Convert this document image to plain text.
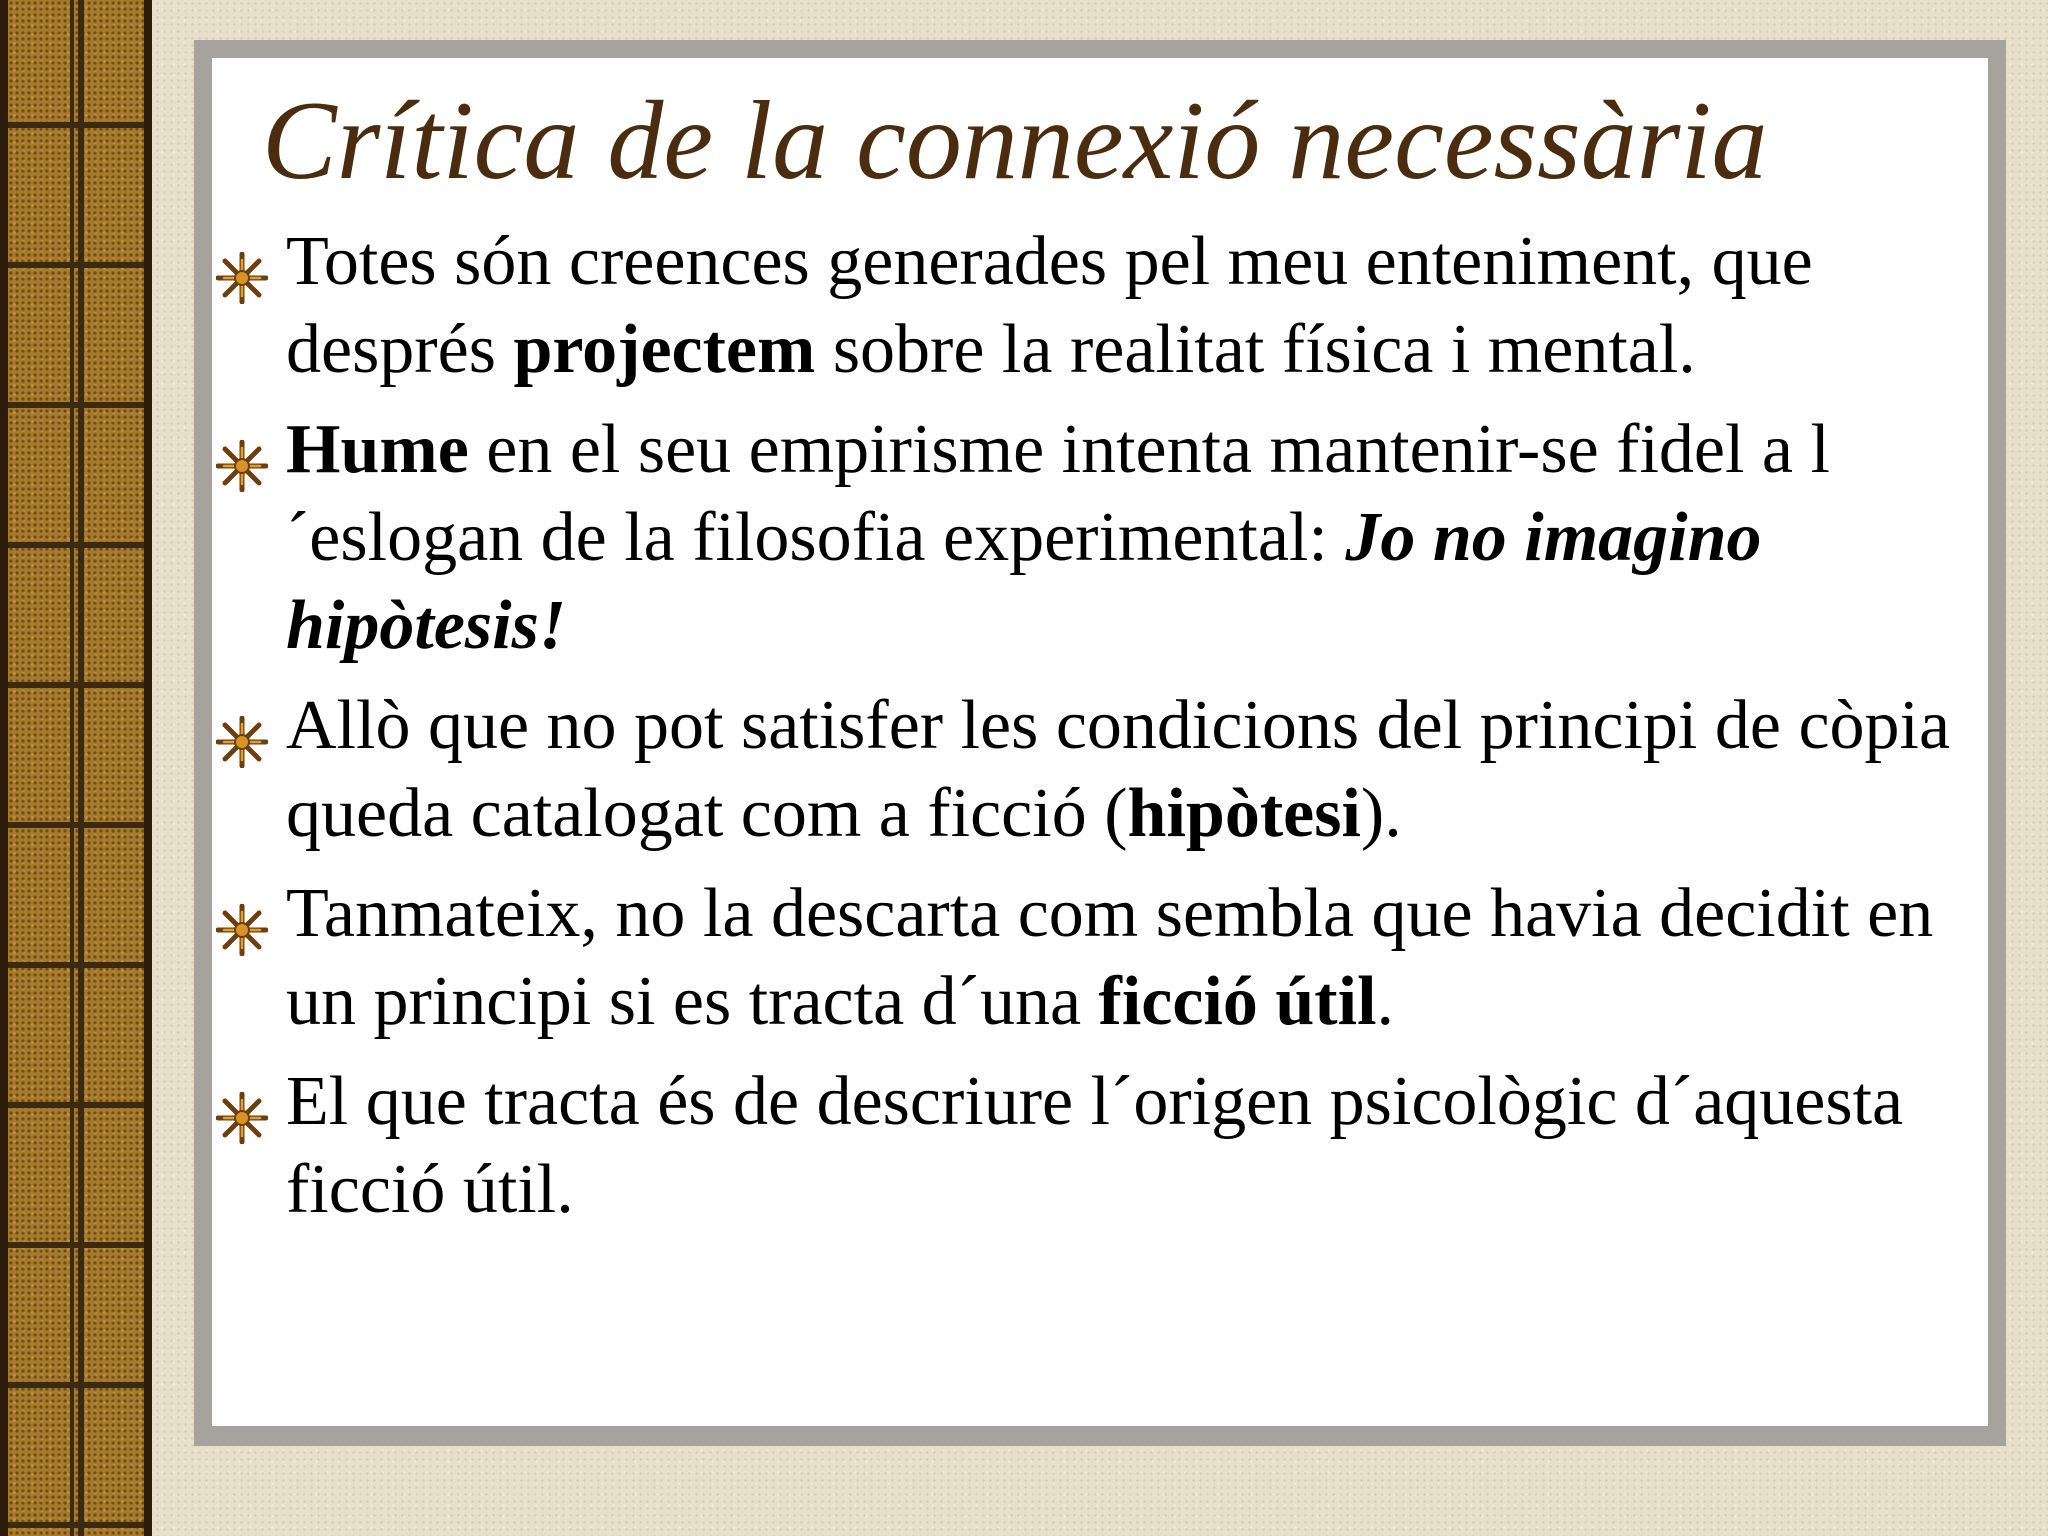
Crítica de la connexió necessària
Totes són creences generades pel meu enteniment, que després projectem sobre la realitat física i mental.
Hume en el seu empirisme intenta mantenir-se fidel a l´eslogan de la filosofia experimental: Jo no imagino hipòtesis!
Allò que no pot satisfer les condicions del principi de còpia queda catalogat com a ficció (hipòtesi).
Tanmateix, no la descarta com sembla que havia decidit en un principi si es tracta d´una ficció útil.
El que tracta és de descriure l´origen psicològic d´aquesta ficció útil.
